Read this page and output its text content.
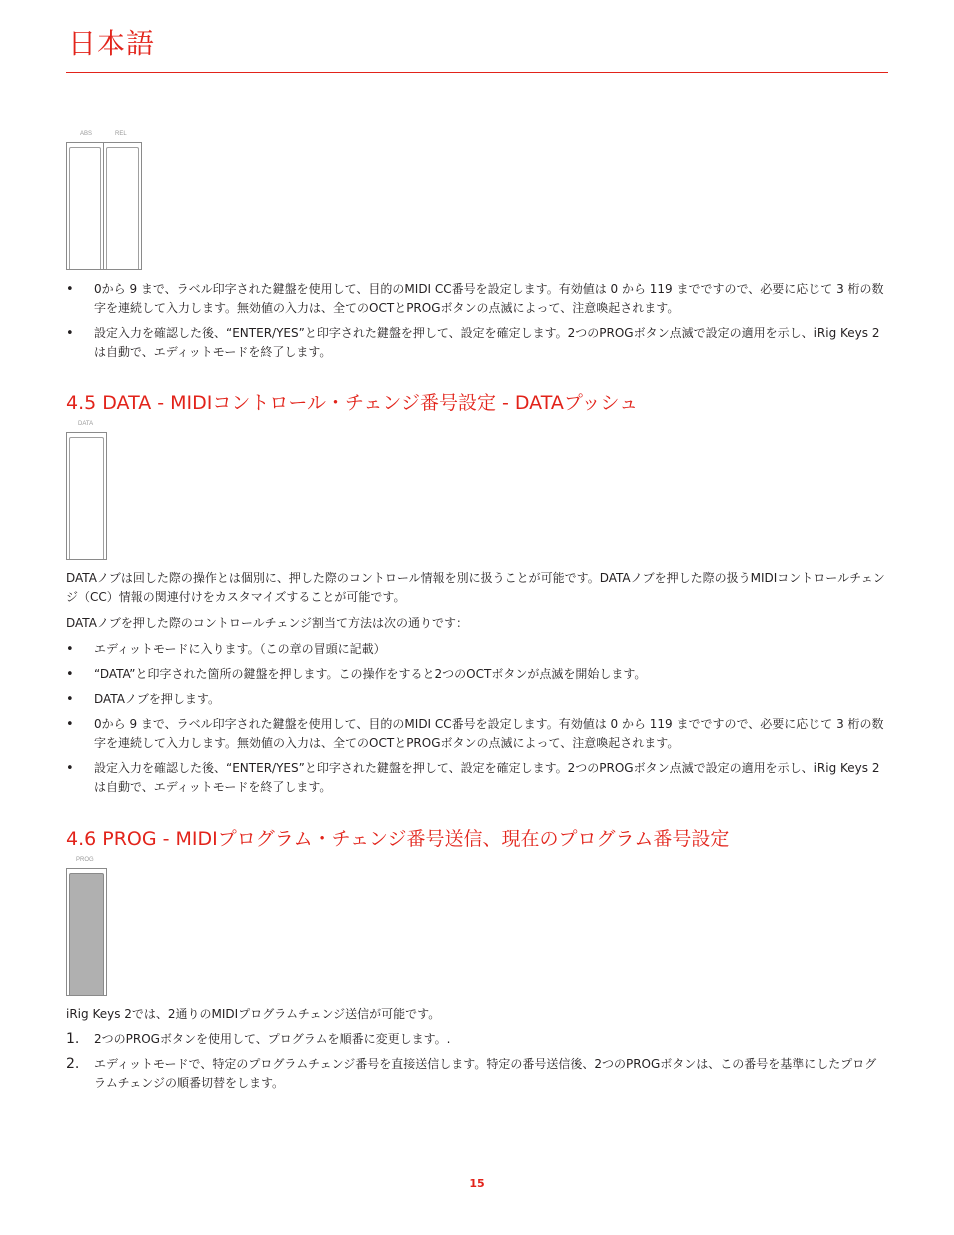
日本語
ABS	REL
• 0から 9 まで、ラベル印字された鍵盤を使用して、目的のMIDI CC番号を設定します。有効値は 0 から 119 までですので、必要に応じて 3 桁の数字を連続して入力します。無効値の入力は、全てのOCTとPROGボタンの点滅によって、注意喚起されます。
• 設定入力を確認した後、“ENTER/YES”と印字された鍵盤を押して、設定を確定します。2つのPROGボタン点滅で設定の適用を示し、iRig Keys 2は自動で、エディットモードを終了します。
4.5 DATA - MIDIコントロール・チェンジ番号設定 - DATAプッシュ
DATA
DATAノブは回した際の操作とは個別に、押した際のコントロール情報を別に扱うことが可能です。DATAノブを押した際の扱うMIDIコントロールチェンジ（CC）情報の関連付けをカスタマイズすることが可能です。
DATAノブを押した際のコントロールチェンジ割当て方法は次の通りです：
• エディットモードに入ります。（この章の冒頭に記載）
• “DATA”と印字された箇所の鍵盤を押します。この操作をすると2つのOCTボタンが点滅を開始します。
• DATAノブを押します。
• 0から 9 まで、ラベル印字された鍵盤を使用して、目的のMIDI CC番号を設定します。有効値は 0 から 119 までですので、必要に応じて 3 桁の数字を連続して入力します。無効値の入力は、全てのOCTとPROGボタンの点滅によって、注意喚起されます。
• 設定入力を確認した後、“ENTER/YES”と印字された鍵盤を押して、設定を確定します。2つのPROGボタン点滅で設定の適用を示し、iRig Keys 2は自動で、エディットモードを終了します。
4.6 PROG - MIDIプログラム・チェンジ番号送信、現在のプログラム番号設定
PROG
iRig Keys 2では、2通りのMIDIプログラムチェンジ送信が可能です。
1. 2つのPROGボタンを使用して、プログラムを順番に変更します。.
2. エディットモードで、特定のプログラムチェンジ番号を直接送信します。特定の番号送信後、2つのPROGボタンは、この番号を基準にしたプログラムチェンジの順番切替をします。
15
